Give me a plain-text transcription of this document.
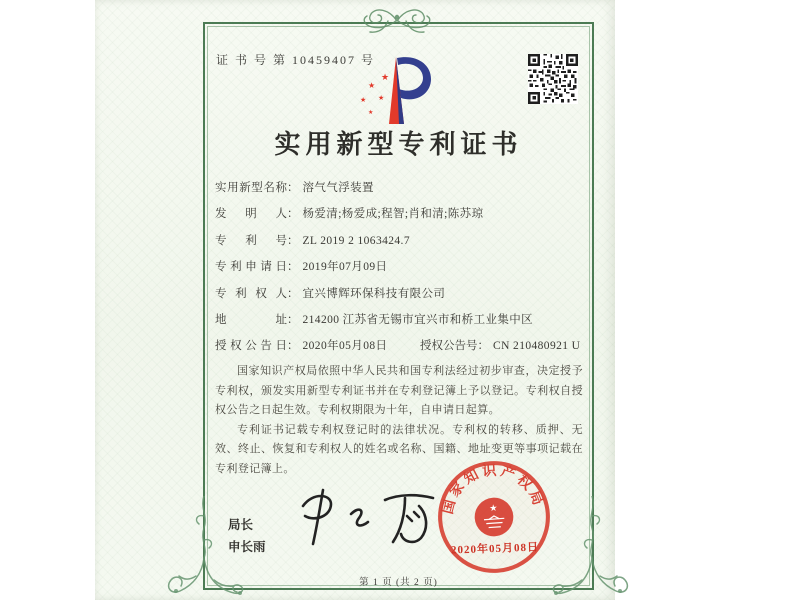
证 书 号 第 10459407 号
★
★
★
★
★
实用新型专利证书
实用新型名称： 溶气气浮装置
发明人： 杨爱清;杨爱成;程智;肖和清;陈苏琼
专利号： ZL 2019 2 1063424.7
专利申请日： 2019年07月09日
专利权人： 宜兴博辉环保科技有限公司
地址： 214200 江苏省无锡市宜兴市和桥工业集中区
授权公告日： 2020年05月08日	授权公告号： CN 210480921 U

国家知识产权局依照中华人民共和国专利法经过初步审查，决定授予专利权，颁发实用新型专利证书并在专利登记簿上予以登记。专利权自授权公告之日起生效。专利权期限为十年，自申请日起算。

专利证书记载专利权登记时的法律状况。专利权的转移、质押、无效、终止、恢复和专利权人的姓名或名称、国籍、地址变更等事项记载在专利登记簿上。

局长
申长雨
国家知识产权局
★
2020年05月08日
第 1 页 (共 2 页)
